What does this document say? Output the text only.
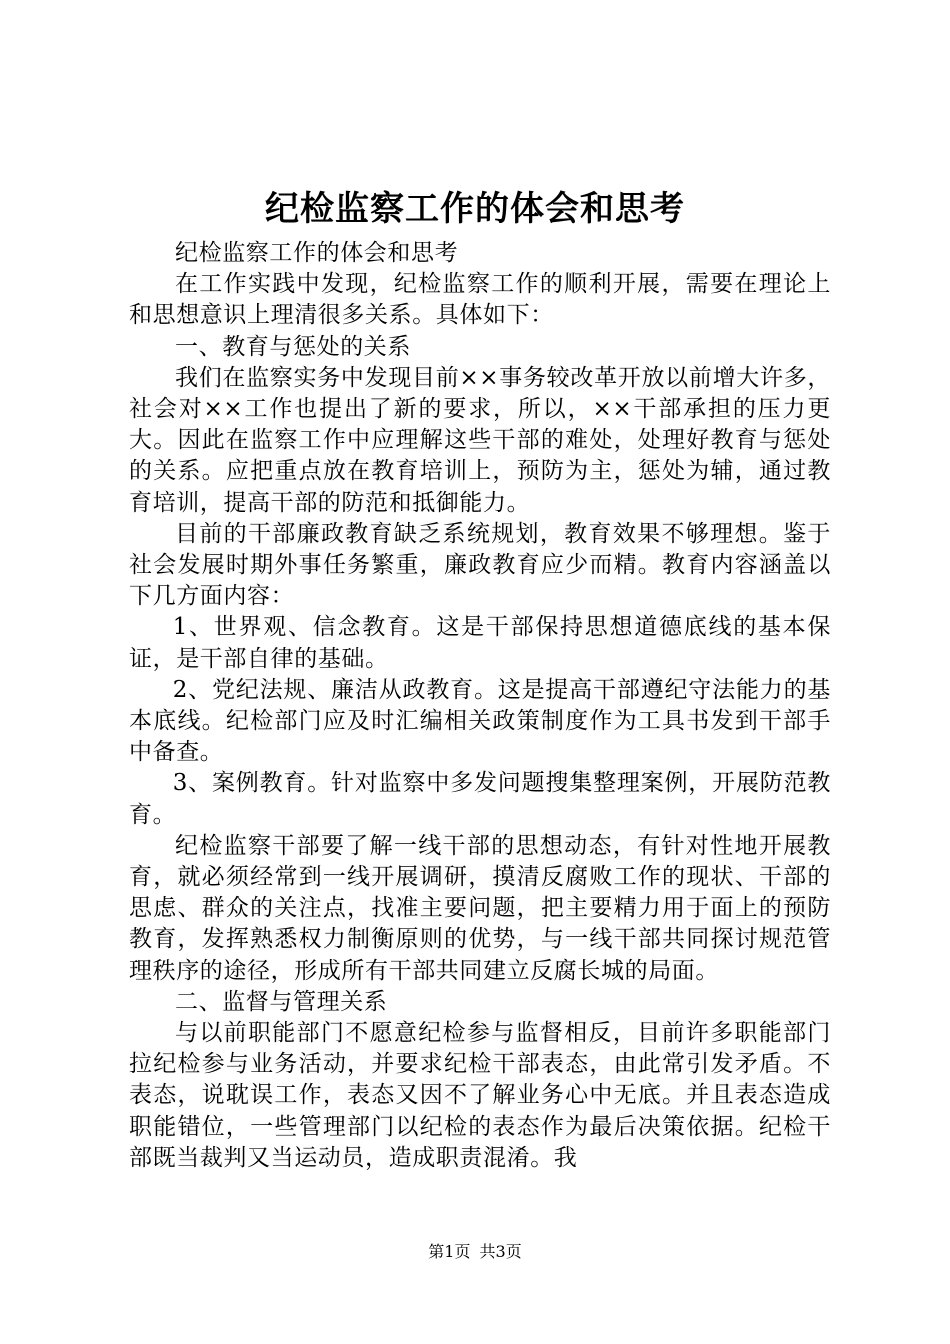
纪检监察工作的体会和思考

纪检监察工作的体会和思考

在工作实践中发现，纪检监察工作的顺利开展，需要在理论上和思想意识上理清很多关系。具体如下：

一、教育与惩处的关系

我们在监察实务中发现目前××事务较改革开放以前增大许多，社会对××工作也提出了新的要求，所以，××干部承担的压力更大。因此在监察工作中应理解这些干部的难处，处理好教育与惩处的关系。应把重点放在教育培训上，预防为主，惩处为辅，通过教育培训，提高干部的防范和抵御能力。

目前的干部廉政教育缺乏系统规划，教育效果不够理想。鉴于社会发展时期外事任务繁重，廉政教育应少而精。教育内容涵盖以下几方面内容：

1、世界观、信念教育。这是干部保持思想道德底线的基本保证，是干部自律的基础。

2、党纪法规、廉洁从政教育。这是提高干部遵纪守法能力的基本底线。纪检部门应及时汇编相关政策制度作为工具书发到干部手中备查。

3、案例教育。针对监察中多发问题搜集整理案例，开展防范教育。

纪检监察干部要了解一线干部的思想动态，有针对性地开展教育，就必须经常到一线开展调研，摸清反腐败工作的现状、干部的思虑、群众的关注点，找准主要问题，把主要精力用于面上的预防教育，发挥熟悉权力制衡原则的优势，与一线干部共同探讨规范管理秩序的途径，形成所有干部共同建立反腐长城的局面。

二、监督与管理关系

与以前职能部门不愿意纪检参与监督相反，目前许多职能部门拉纪检参与业务活动，并要求纪检干部表态，由此常引发矛盾。不表态，说耽误工作，表态又因不了解业务心中无底。并且表态造成职能错位，一些管理部门以纪检的表态作为最后决策依据。纪检干部既当裁判又当运动员，造成职责混淆。我

第1页 共3页
